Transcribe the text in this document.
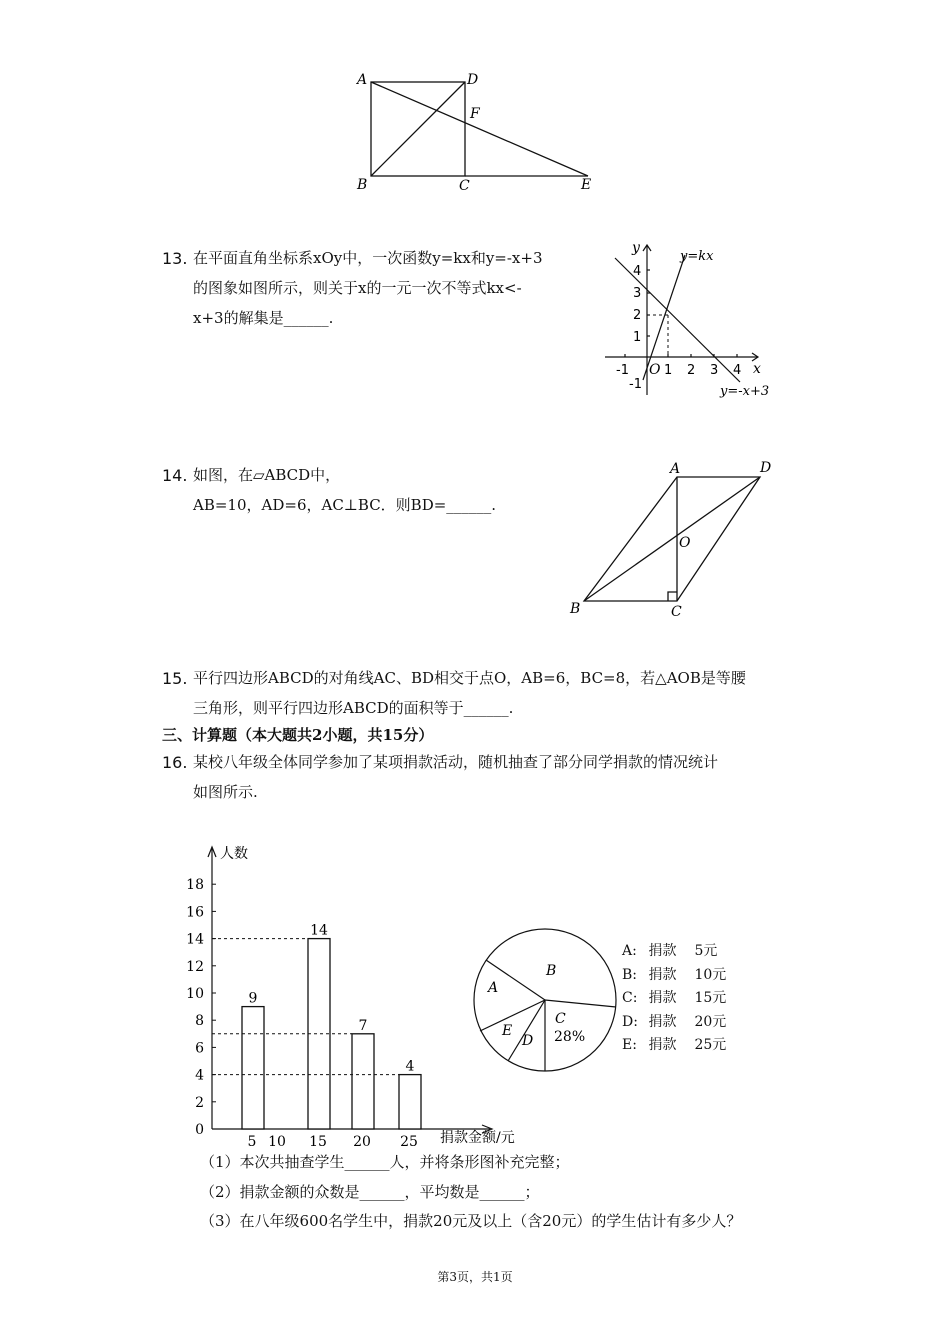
A	D
F
B	C	E
13. 在平面直角坐标系xOy中，一次函数y=kx和y=-x+3
的图象如图所示，则关于x的一元一次不等式kx<-
x+3的解集是______.
y
x
O
y=kx
y=-x+3
-1	1 2 3 4
4
3
2
1
-1
14. 如图，在▱ABCD中，
AB=10，AD=6，AC⊥BC．则BD=______.
A	D
O
B	C
15. 平行四边形ABCD的对角线AC、BD相交于点O，AB=6，BC=8，若△AOB是等腰
三角形，则平行四边形ABCD的面积等于______.
三、计算题（本大题共2小题，共15分）
16. 某校八年级全体同学参加了某项捐款活动，随机抽查了部分同学捐款的情况统计
如图所示.
0
2
4
6
8
10
12
14
16
18
5
9
10 15
14
20
7
25
4
人数
捐款金额/元
A
B
C
28%
D
E
A: 捐款 5元
B: 捐款 10元
C: 捐款 15元
D: 捐款 20元
E: 捐款 25元
（1）本次共抽查学生______人，并将条形图补充完整；
（2）捐款金额的众数是______，平均数是______；
（3）在八年级600名学生中，捐款20元及以上（含20元）的学生估计有多少人？
第3页，共1页
